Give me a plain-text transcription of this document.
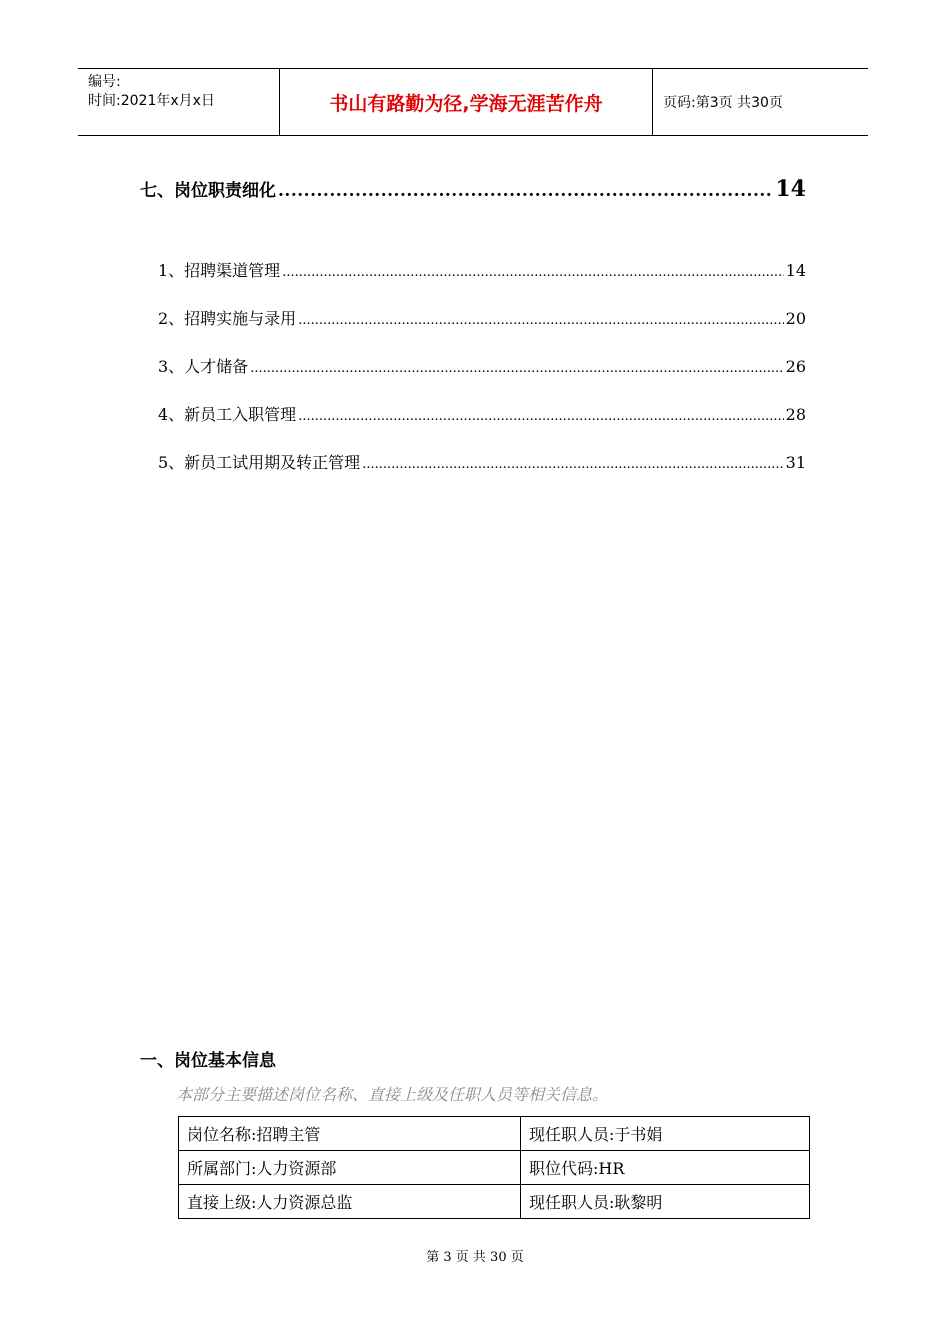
编号:
时间:2021年x月x日	书山有路勤为径,学海无涯苦作舟	页码:第3页 共30页
七、岗位职责细化 .....	14
1、招聘渠道管理 .....	14
2、招聘实施与录用 .....	20
3、人才储备 .....	26
4、新员工入职管理 .....	28
5、新员工试用期及转正管理 .....	31
一、岗位基本信息
本部分主要描述岗位名称、直接上级及任职人员等相关信息。
岗位名称:招聘主管	现任职人员:于书娟
所属部门:人力资源部	职位代码:HR
直接上级:人力资源总监	现任职人员:耿黎明
第 3 页 共 30 页
